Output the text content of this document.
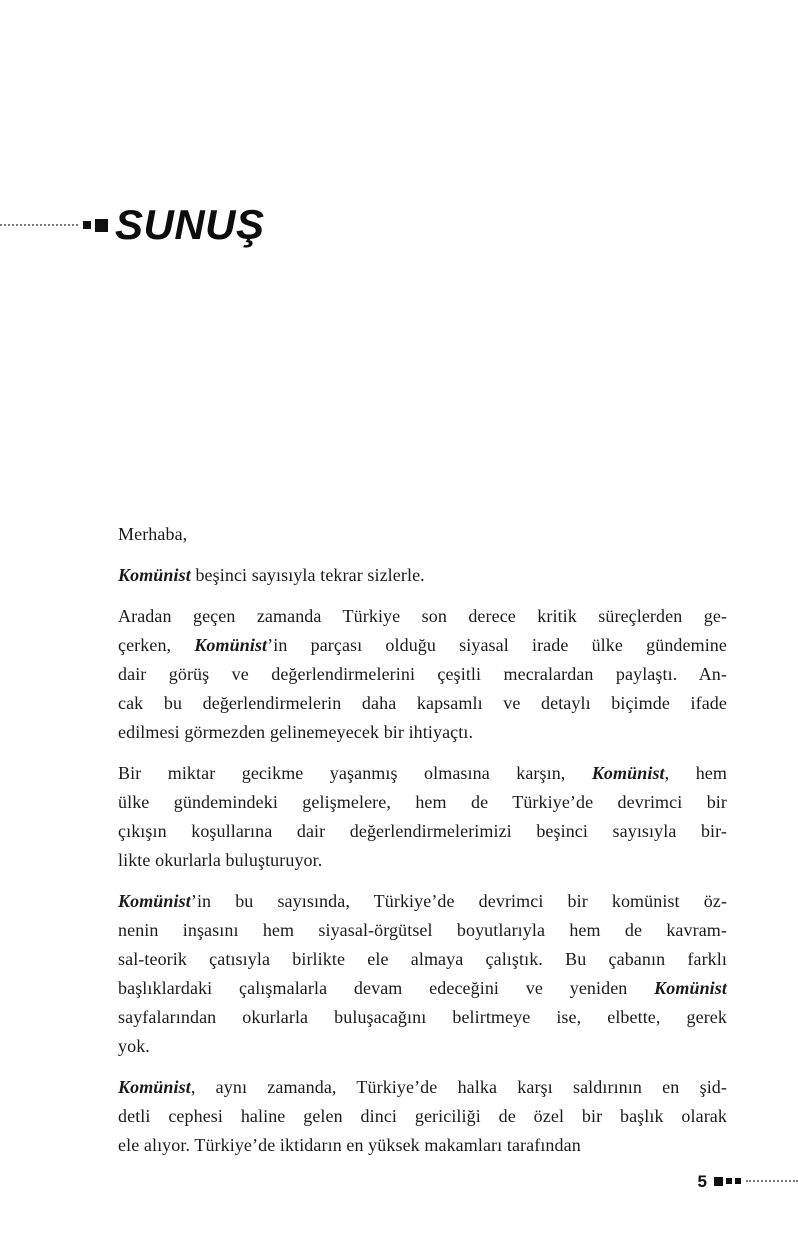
SUNUŞ
Merhaba,
Komünist beşinci sayısıyla tekrar sizlerle.
Aradan geçen zamanda Türkiye son derece kritik süreçlerden ge-
çerken, Komünist’in parçası olduğu siyasal irade ülke gündemine
dair görüş ve değerlendirmelerini çeşitli mecralardan paylaştı. An-
cak bu değerlendirmelerin daha kapsamlı ve detaylı biçimde ifade
edilmesi görmezden gelinemeyecek bir ihtiyaçtı.
Bir miktar gecikme yaşanmış olmasına karşın, Komünist, hem
ülke gündemindeki gelişmelere, hem de Türkiye’de devrimci bir
çıkışın koşullarına dair değerlendirmelerimizi beşinci sayısıyla bir-
likte okurlarla buluşturuyor.
Komünist’in bu sayısında, Türkiye’de devrimci bir komünist öz-
nenin inşasını hem siyasal-örgütsel boyutlarıyla hem de kavram-
sal-teorik çatısıyla birlikte ele almaya çalıştık. Bu çabanın farklı
başlıklardaki çalışmalarla devam edeceğini ve yeniden Komünist
sayfalarından okurlarla buluşacağını belirtmeye ise, elbette, gerek
yok.
Komünist, aynı zamanda, Türkiye’de halka karşı saldırının en şid-
detli cephesi haline gelen dinci gericiliği de özel bir başlık olarak
ele alıyor. Türkiye’de iktidarın en yüksek makamları tarafından
5
